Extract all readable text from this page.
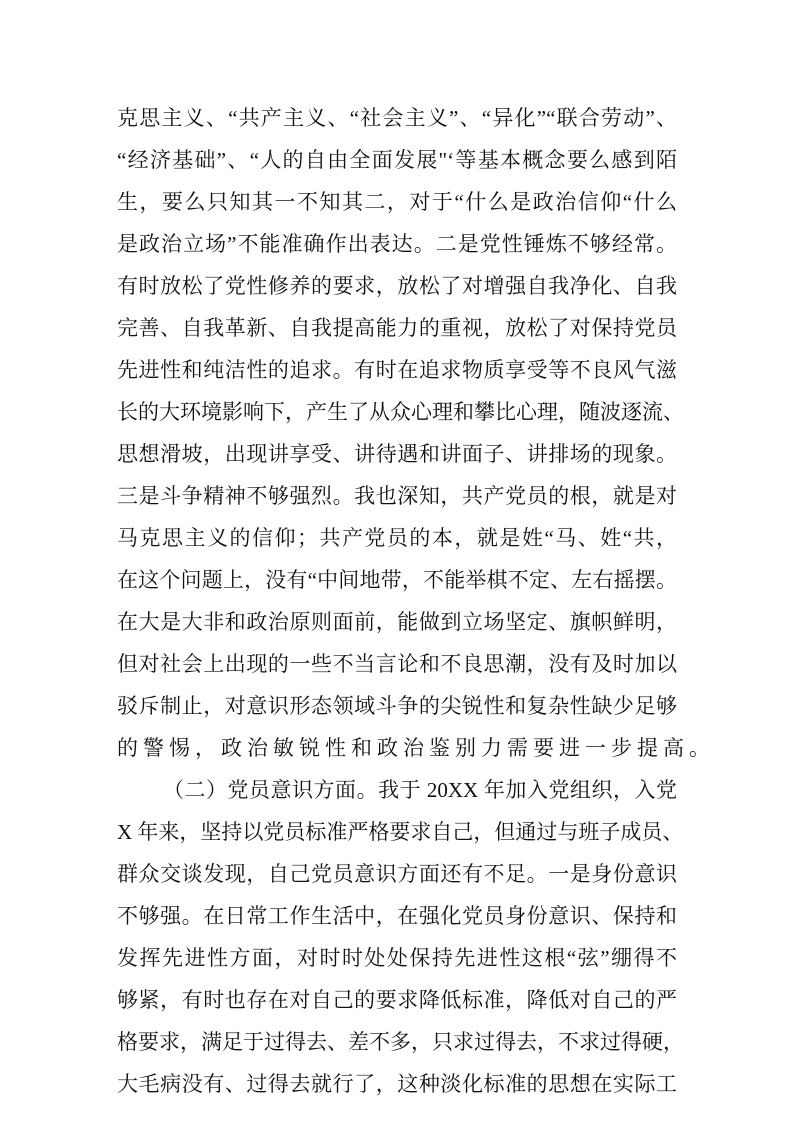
克思主义、“共产主义、“社会主义”、“异化”“联合劳动”、
“经济基础”、“人的自由全面发展"‘等基本概念要么感到陌
生，要么只知其一不知其二，对于“什么是政治信仰“什么
是政治立场”不能准确作出表达。二是党性锤炼不够经常。
有时放松了党性修养的要求，放松了对增强自我净化、自我
完善、自我革新、自我提高能力的重视，放松了对保持党员
先进性和纯洁性的追求。有时在追求物质享受等不良风气滋
长的大环境影响下，产生了从众心理和攀比心理，随波逐流、
思想滑坡，出现讲享受、讲待遇和讲面子、讲排场的现象。
三是斗争精神不够强烈。我也深知，共产党员的根，就是对
马克思主义的信仰；共产党员的本，就是姓“马、姓“共，
在这个问题上，没有“中间地带，不能举棋不定、左右摇摆。
在大是大非和政治原则面前，能做到立场坚定、旗帜鲜明，
但对社会上出现的一些不当言论和不良思潮，没有及时加以
驳斥制止，对意识形态领域斗争的尖锐性和复杂性缺少足够
的警惕，政治敏锐性和政治鉴别力需要进一步提高。
（二）党员意识方面。我于 20XX 年加入党组织，入党
X 年来，坚持以党员标准严格要求自己，但通过与班子成员、
群众交谈发现，自己党员意识方面还有不足。一是身份意识
不够强。在日常工作生活中，在强化党员身份意识、保持和
发挥先进性方面，对时时处处保持先进性这根“弦”绷得不
够紧，有时也存在对自己的要求降低标准，降低对自己的严
格要求，满足于过得去、差不多，只求过得去，不求过得硬，
大毛病没有、过得去就行了，这种淡化标准的思想在实际工
